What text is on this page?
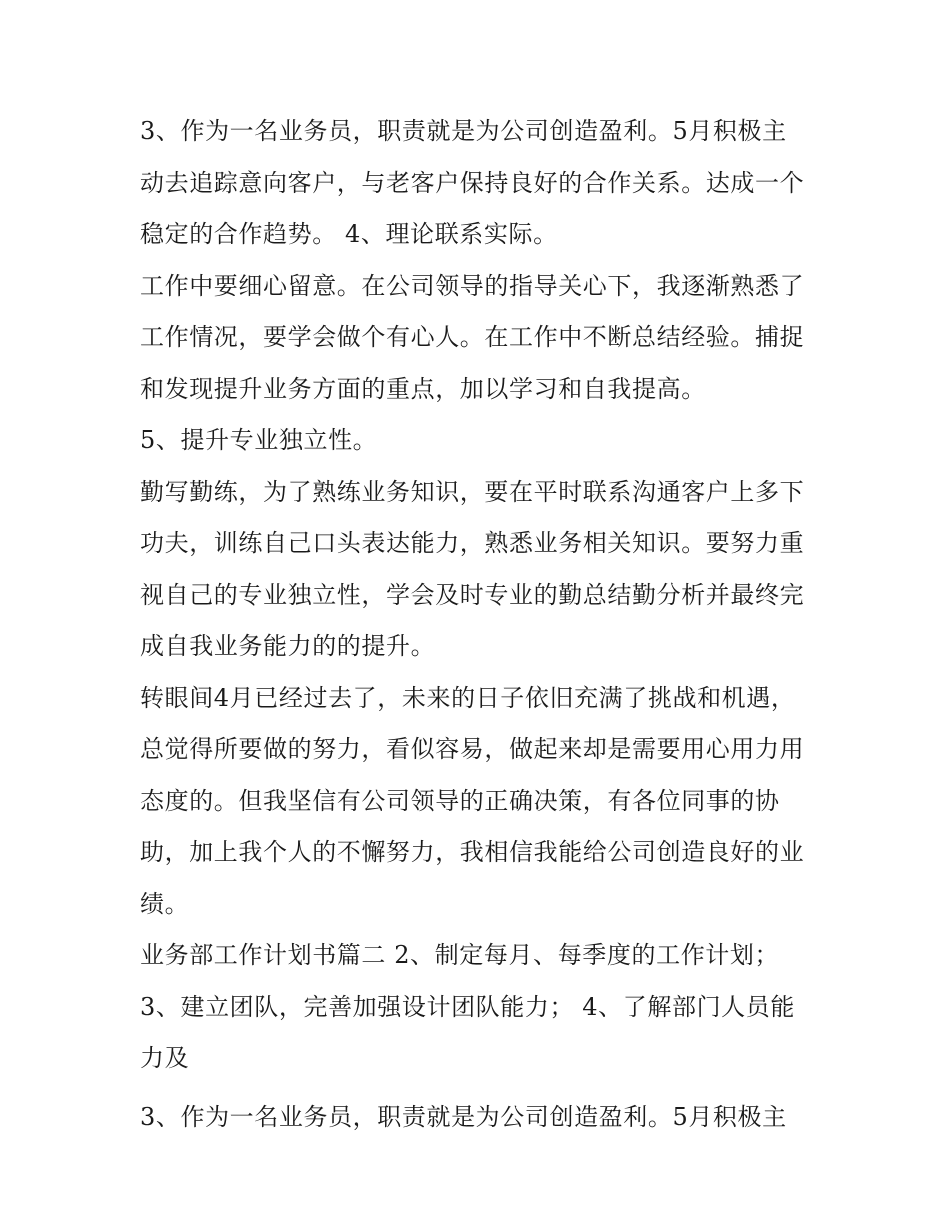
3、作为一名业务员，职责就是为公司创造盈利。5月积极主
动去追踪意向客户，与老客户保持良好的合作关系。达成一个
稳定的合作趋势。 4、理论联系实际。
工作中要细心留意。在公司领导的指导关心下，我逐渐熟悉了
工作情况，要学会做个有心人。在工作中不断总结经验。捕捉
和发现提升业务方面的重点，加以学习和自我提高。
5、提升专业独立性。
勤写勤练，为了熟练业务知识，要在平时联系沟通客户上多下
功夫，训练自己口头表达能力，熟悉业务相关知识。要努力重
视自己的专业独立性，学会及时专业的勤总结勤分析并最终完
成自我业务能力的的提升。
转眼间4月已经过去了，未来的日子依旧充满了挑战和机遇，
总觉得所要做的努力，看似容易，做起来却是需要用心用力用
态度的。但我坚信有公司领导的正确决策，有各位同事的协
助，加上我个人的不懈努力，我相信我能给公司创造良好的业
绩。
业务部工作计划书篇二 2、制定每月、每季度的工作计划；
3、建立团队，完善加强设计团队能力； 4、了解部门人员能
力及
3、作为一名业务员，职责就是为公司创造盈利。5月积极主
